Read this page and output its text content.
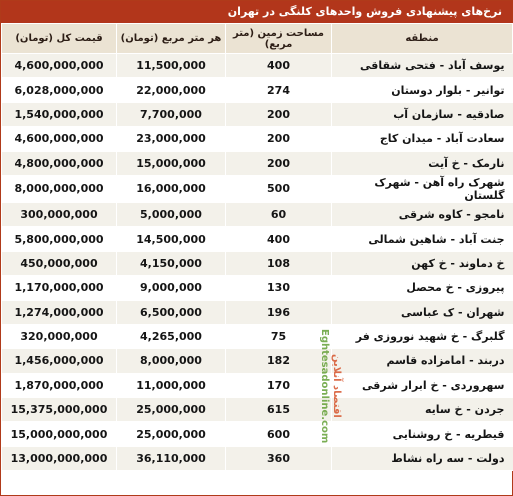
نرخ‌های پیشنهادی فروش واحدهای کلنگی در تهران
قیمت کل (تومان)	هر متر مربع (تومان)	مساحت زمین (متر مربع)	منطقه
4,600,000,000	11,500,000	400	یوسف آباد - فتحی شقاقی
6,028,000,000	22,000,000	274	توانیر - بلوار دوستان
1,540,000,000	7,700,000	200	صادقیه - سازمان آب
4,600,000,000	23,000,000	200	سعادت آباد - میدان کاج
4,800,000,000	15,000,000	200	نارمک - خ آیت
8,000,000,000	16,000,000	500	شهرک راه آهن - شهرک گلستان
300,000,000	5,000,000	60	نامجو - کاوه شرقی
5,800,000,000	14,500,000	400	جنت آباد - شاهین شمالی
450,000,000	4,150,000	108	خ دماوند - خ کهن
1,170,000,000	9,000,000	130	پیروزی - خ محصل
1,274,000,000	6,500,000	196	شهران - ک عباسی
320,000,000	4,265,000	75	گلبرگ - خ شهید نوروزی فر
1,456,000,000	8,000,000	182	دربند - امامزاده قاسم
1,870,000,000	11,000,000	170	سهروردی - خ ابرار شرقی
15,375,000,000	25,000,000	615	جردن - خ سایه
15,000,000,000	25,000,000	600	قیطریه - خ روشنایی
13,000,000,000	36,110,000	360	دولت - سه راه نشاط
اقتصاد آنلاین Eghtesadonline.com
